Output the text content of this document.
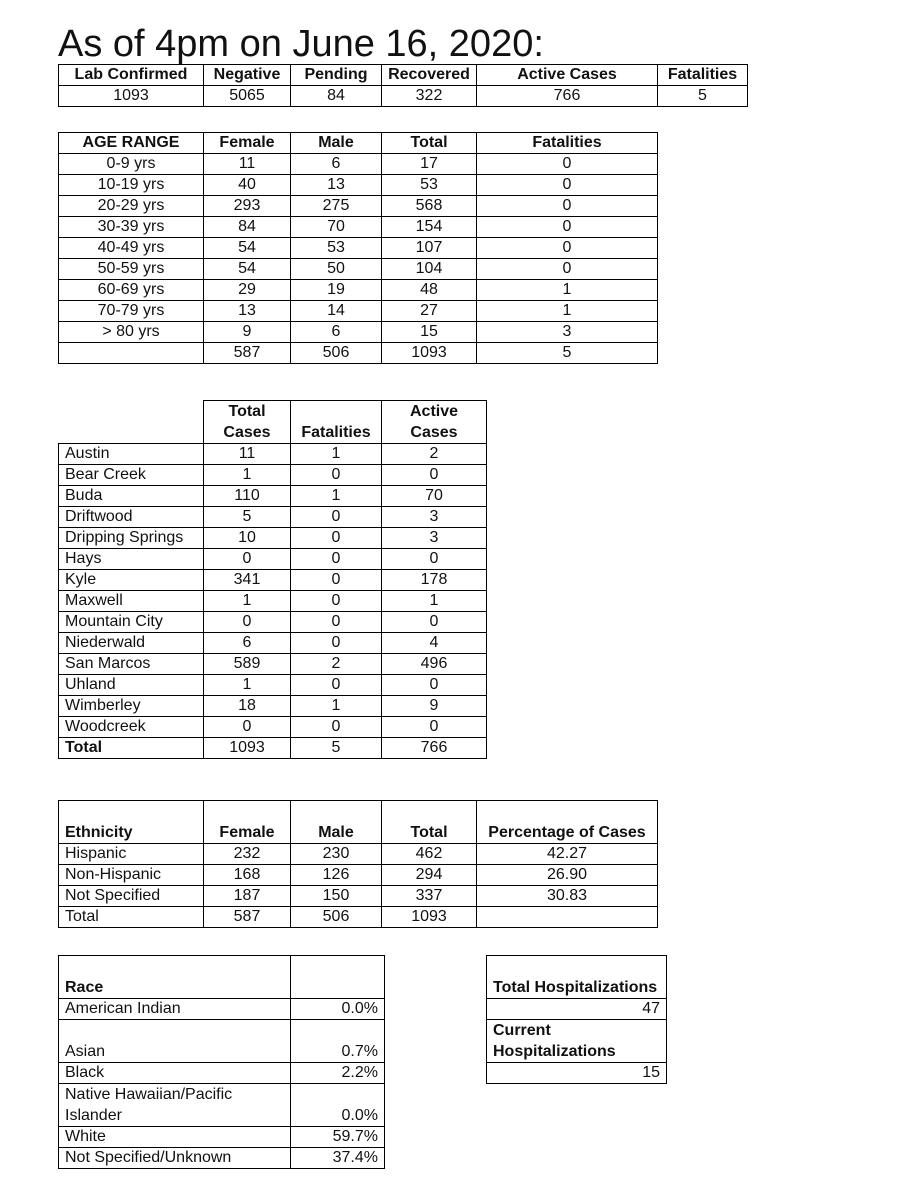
As of 4pm on June 16, 2020:
Lab Confirmed	Negative	Pending	Recovered	Active Cases	Fatalities
1093	5065	84	322	766	5
AGE RANGE	Female	Male	Total	Fatalities
0-9 yrs	11	6	17	0
10-19 yrs	40	13	53	0
20-29 yrs	293	275	568	0
30-39 yrs	84	70	154	0
40-49 yrs	54	53	107	0
50-59 yrs	54	50	104	0
60-69 yrs	29	19	48	1
70-79 yrs	13	14	27	1
> 80 yrs	9	6	15	3
	587	506	1093	5
	Total Cases	Fatalities	Active Cases
Austin	11	1	2
Bear Creek	1	0	0
Buda	110	1	70
Driftwood	5	0	3
Dripping Springs	10	0	3
Hays	0	0	0
Kyle	341	0	178
Maxwell	1	0	1
Mountain City	0	0	0
Niederwald	6	0	4
San Marcos	589	2	496
Uhland	1	0	0
Wimberley	18	1	9
Woodcreek	0	0	0
Total	1093	5	766
Ethnicity	Female	Male	Total	Percentage of Cases
Hispanic	232	230	462	42.27
Non-Hispanic	168	126	294	26.90
Not Specified	187	150	337	30.83
Total	587	506	1093	
Race	
American Indian	0.0%
Asian	0.7%
Black	2.2%
Native Hawaiian/Pacific Islander	0.0%
White	59.7%
Not Specified/Unknown	37.4%
Total Hospitalizations
47
Current Hospitalizations
15
